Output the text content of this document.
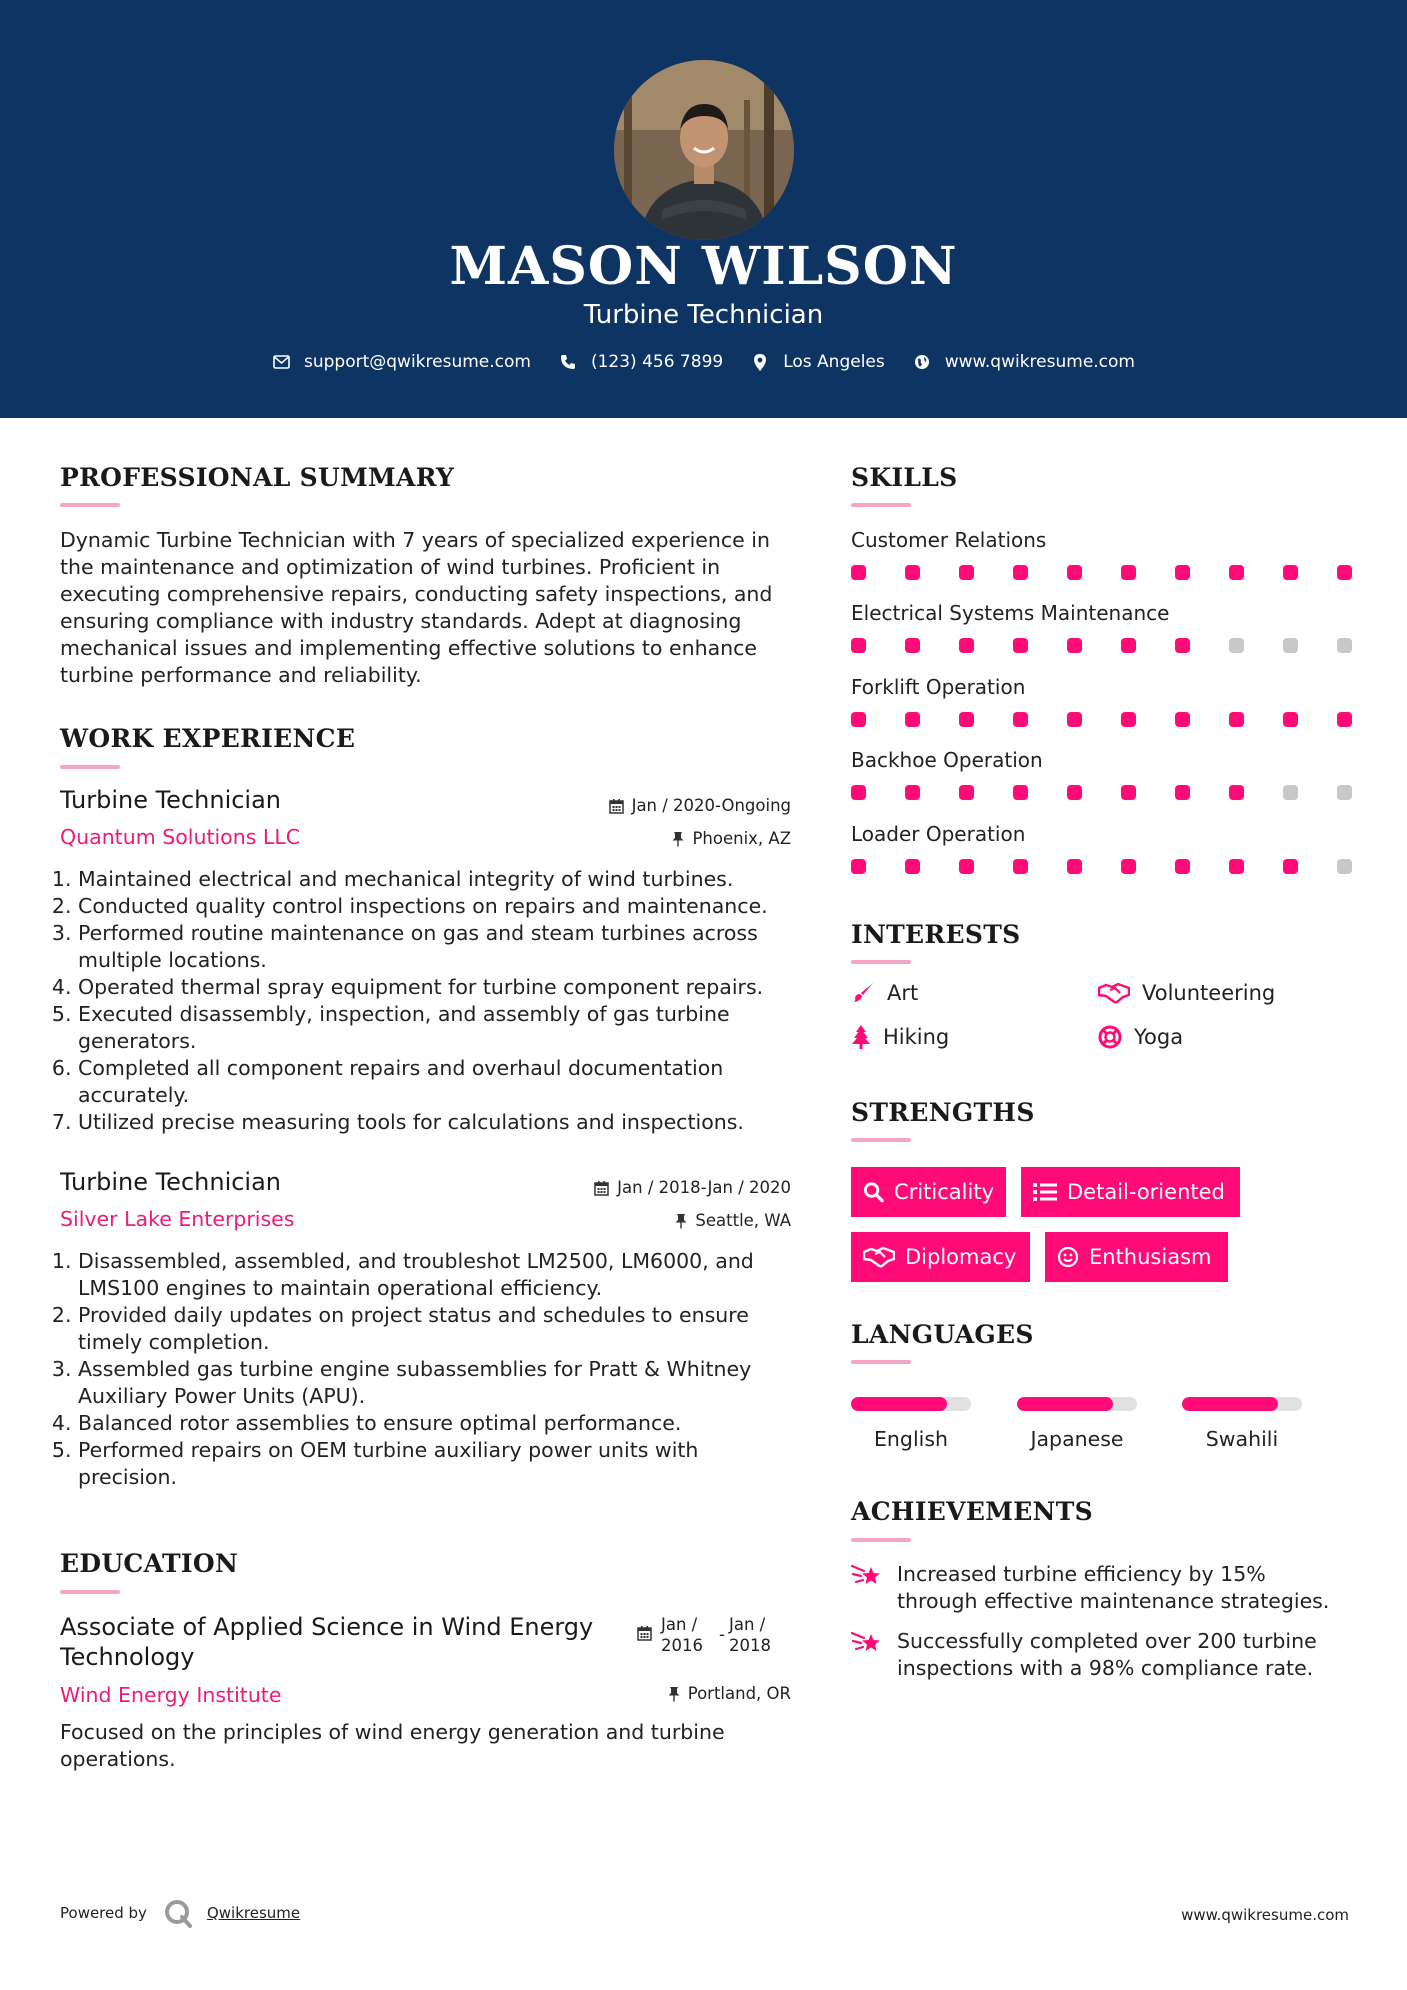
MASON WILSON
Turbine Technician
support@qwikresume.com	(123) 456 7899	Los Angeles	www.qwikresume.com
PROFESSIONAL SUMMARY
Dynamic Turbine Technician with 7 years of specialized experience in the maintenance and optimization of wind turbines. Proficient in executing comprehensive repairs, conducting safety inspections, and ensuring compliance with industry standards. Adept at diagnosing mechanical issues and implementing effective solutions to enhance turbine performance and reliability.
WORK EXPERIENCE
Turbine Technician	Jan / 2020-Ongoing
Quantum Solutions LLC	Phoenix, AZ
1. Maintained electrical and mechanical integrity of wind turbines.
2. Conducted quality control inspections on repairs and maintenance.
3. Performed routine maintenance on gas and steam turbines across multiple locations.
4. Operated thermal spray equipment for turbine component repairs.
5. Executed disassembly, inspection, and assembly of gas turbine generators.
6. Completed all component repairs and overhaul documentation accurately.
7. Utilized precise measuring tools for calculations and inspections.
Turbine Technician	Jan / 2018-Jan / 2020
Silver Lake Enterprises	Seattle, WA
1. Disassembled, assembled, and troubleshot LM2500, LM6000, and LMS100 engines to maintain operational efficiency.
2. Provided daily updates on project status and schedules to ensure timely completion.
3. Assembled gas turbine engine subassemblies for Pratt & Whitney Auxiliary Power Units (APU).
4. Balanced rotor assemblies to ensure optimal performance.
5. Performed repairs on OEM turbine auxiliary power units with precision.
EDUCATION
Associate of Applied Science in Wind Energy Technology
Jan / 2016
-
Jan / 2018
Wind Energy Institute	Portland, OR
Focused on the principles of wind energy generation and turbine operations.
SKILLS
Customer Relations
Electrical Systems Maintenance
Forklift Operation
Backhoe Operation
Loader Operation
INTERESTS
Art	Volunteering
Hiking	Yoga
STRENGTHS
Criticality	Detail-oriented
Diplomacy	Enthusiasm
LANGUAGES
English	Japanese	Swahili
ACHIEVEMENTS
Increased turbine efficiency by 15% through effective maintenance strategies.
Successfully completed over 200 turbine inspections with a 98% compliance rate.
Powered by	Qwikresume	www.qwikresume.com
